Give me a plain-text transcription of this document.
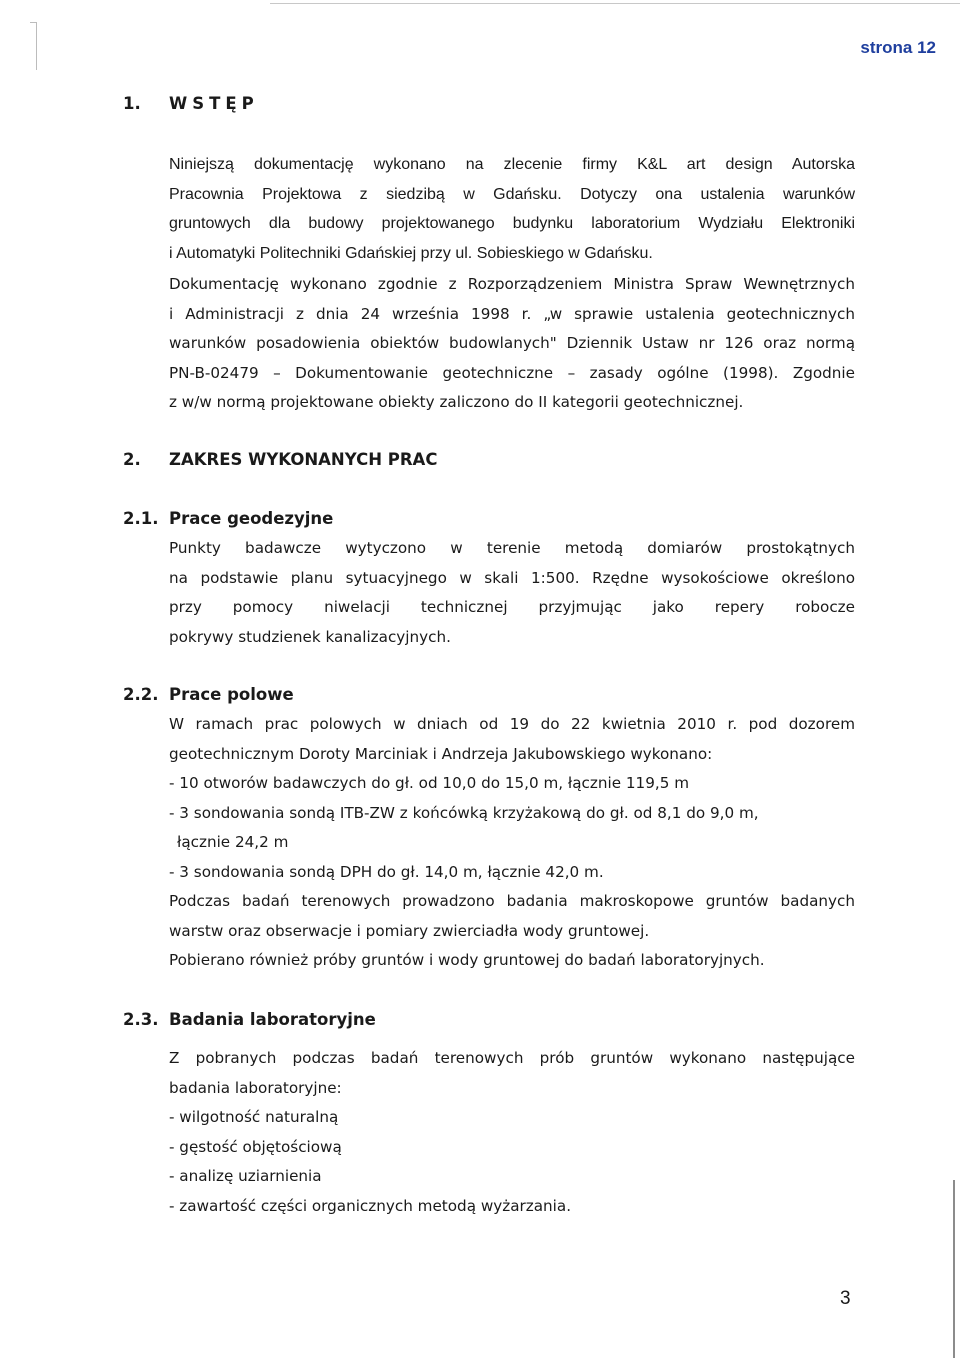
strona 12
1. WSTĘP
Niniejszą dokumentację wykonano na zlecenie firmy K&L art design Autorska
Pracownia Projektowa z siedzibą w Gdańsku. Dotyczy ona ustalenia warunków
gruntowych dla budowy projektowanego budynku laboratorium Wydziału Elektroniki
i Automatyki Politechniki Gdańskiej przy ul. Sobieskiego w Gdańsku.
Dokumentację wykonano zgodnie z Rozporządzeniem Ministra Spraw Wewnętrznych
i Administracji z dnia 24 września 1998 r. „w sprawie ustalenia geotechnicznych
warunków posadowienia obiektów budowlanych" Dziennik Ustaw nr 126 oraz normą
PN-B-02479 – Dokumentowanie geotechniczne – zasady ogólne (1998). Zgodnie
z w/w normą projektowane obiekty zaliczono do II kategorii geotechnicznej.
2. ZAKRES WYKONANYCH PRAC
2.1. Prace geodezyjne
Punkty badawcze wytyczono w terenie metodą domiarów prostokątnych
na podstawie planu sytuacyjnego w skali 1:500. Rzędne wysokościowe określono
przy pomocy niwelacji technicznej przyjmując jako repery robocze
pokrywy studzienek kanalizacyjnych.
2.2. Prace polowe
W ramach prac polowych w dniach od 19 do 22 kwietnia 2010 r. pod dozorem
geotechnicznym Doroty Marciniak i Andrzeja Jakubowskiego wykonano:
- 10 otworów badawczych do gł. od 10,0 do 15,0 m, łącznie 119,5 m
- 3 sondowania sondą ITB-ZW z końcówką krzyżakową do gł. od 8,1 do 9,0 m,
łącznie 24,2 m
- 3 sondowania sondą DPH do gł. 14,0 m, łącznie 42,0 m.
Podczas badań terenowych prowadzono badania makroskopowe gruntów badanych
warstw oraz obserwacje i pomiary zwierciadła wody gruntowej.
Pobierano również próby gruntów i wody gruntowej do badań laboratoryjnych.
2.3. Badania laboratoryjne
Z pobranych podczas badań terenowych prób gruntów wykonano następujące
badania laboratoryjne:
- wilgotność naturalną
- gęstość objętościową
- analizę uziarnienia
- zawartość części organicznych metodą wyżarzania.
3
